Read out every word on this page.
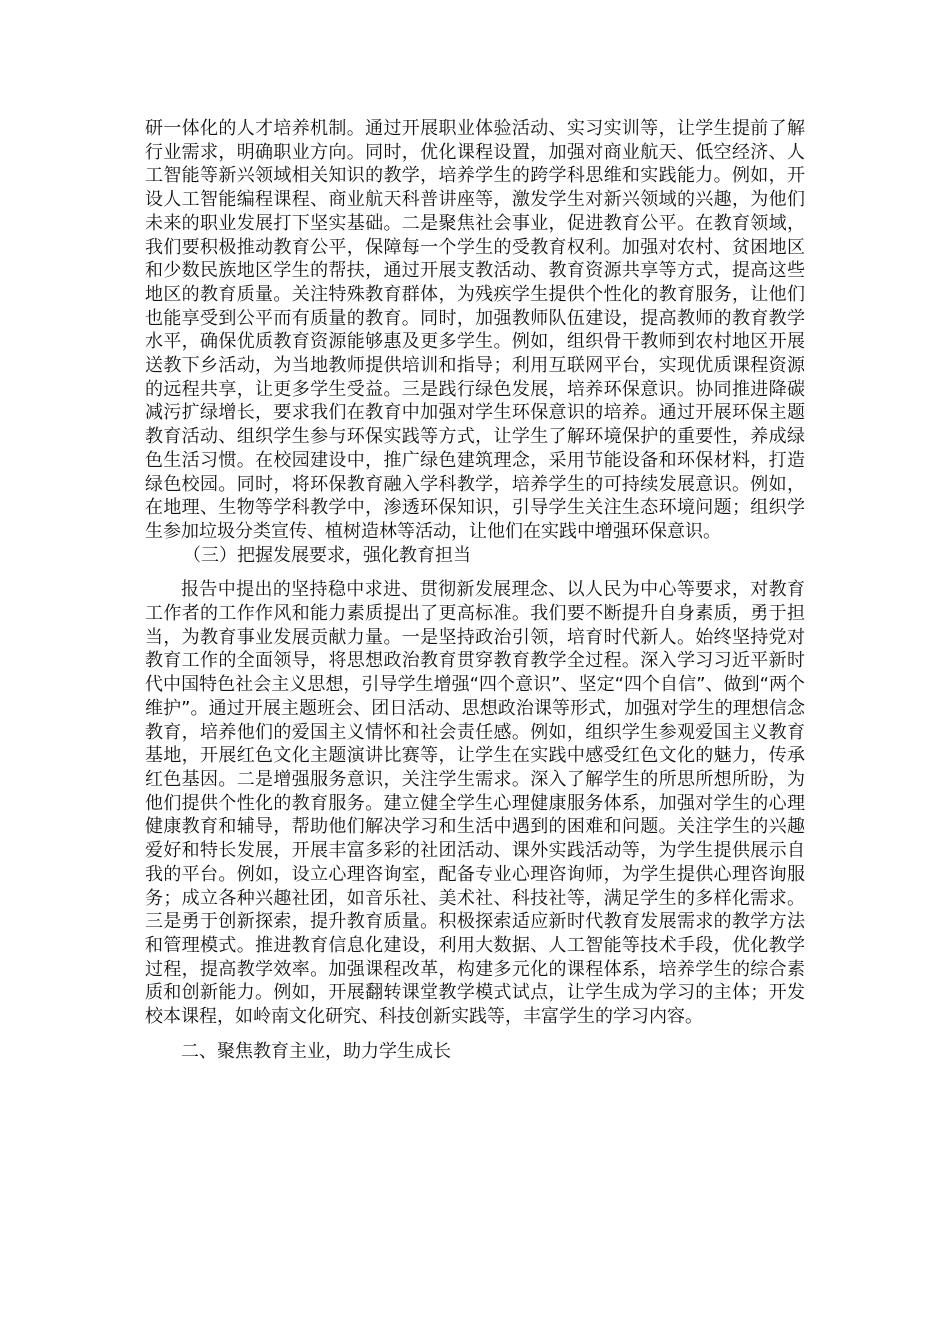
研一体化的人才培养机制。通过开展职业体验活动、实习实训等，让学生提前了解行业需求，明确职业方向。同时，优化课程设置，加强对商业航天、低空经济、人工智能等新兴领域相关知识的教学，培养学生的跨学科思维和实践能力。例如，开设人工智能编程课程、商业航天科普讲座等，激发学生对新兴领域的兴趣，为他们未来的职业发展打下坚实基础。二是聚焦社会事业，促进教育公平。在教育领域，我们要积极推动教育公平，保障每一个学生的受教育权利。加强对农村、贫困地区和少数民族地区学生的帮扶，通过开展支教活动、教育资源共享等方式，提高这些地区的教育质量。关注特殊教育群体，为残疾学生提供个性化的教育服务，让他们也能享受到公平而有质量的教育。同时，加强教师队伍建设，提高教师的教育教学水平，确保优质教育资源能够惠及更多学生。例如，组织骨干教师到农村地区开展送教下乡活动，为当地教师提供培训和指导；利用互联网平台，实现优质课程资源的远程共享，让更多学生受益。三是践行绿色发展，培养环保意识。协同推进降碳减污扩绿增长，要求我们在教育中加强对学生环保意识的培养。通过开展环保主题教育活动、组织学生参与环保实践等方式，让学生了解环境保护的重要性，养成绿色生活习惯。在校园建设中，推广绿色建筑理念，采用节能设备和环保材料，打造绿色校园。同时，将环保教育融入学科教学，培养学生的可持续发展意识。例如，在地理、生物等学科教学中，渗透环保知识，引导学生关注生态环境问题；组织学生参加垃圾分类宣传、植树造林等活动，让他们在实践中增强环保意识。

（三）把握发展要求，强化教育担当

报告中提出的坚持稳中求进、贯彻新发展理念、以人民为中心等要求，对教育工作者的工作作风和能力素质提出了更高标准。我们要不断提升自身素质，勇于担当，为教育事业发展贡献力量。一是坚持政治引领，培育时代新人。始终坚持党对教育工作的全面领导，将思想政治教育贯穿教育教学全过程。深入学习习近平新时代中国特色社会主义思想，引导学生增强“四个意识”、坚定“四个自信”、做到“两个维护”。通过开展主题班会、团日活动、思想政治课等形式，加强对学生的理想信念教育，培养他们的爱国主义情怀和社会责任感。例如，组织学生参观爱国主义教育基地，开展红色文化主题演讲比赛等，让学生在实践中感受红色文化的魅力，传承红色基因。二是增强服务意识，关注学生需求。深入了解学生的所思所想所盼，为他们提供个性化的教育服务。建立健全学生心理健康服务体系，加强对学生的心理健康教育和辅导，帮助他们解决学习和生活中遇到的困难和问题。关注学生的兴趣爱好和特长发展，开展丰富多彩的社团活动、课外实践活动等，为学生提供展示自我的平台。例如，设立心理咨询室，配备专业心理咨询师，为学生提供心理咨询服务；成立各种兴趣社团，如音乐社、美术社、科技社等，满足学生的多样化需求。三是勇于创新探索，提升教育质量。积极探索适应新时代教育发展需求的教学方法和管理模式。推进教育信息化建设，利用大数据、人工智能等技术手段，优化教学过程，提高教学效率。加强课程改革，构建多元化的课程体系，培养学生的综合素质和创新能力。例如，开展翻转课堂教学模式试点，让学生成为学习的主体；开发校本课程，如岭南文化研究、科技创新实践等，丰富学生的学习内容。

二、聚焦教育主业，助力学生成长
